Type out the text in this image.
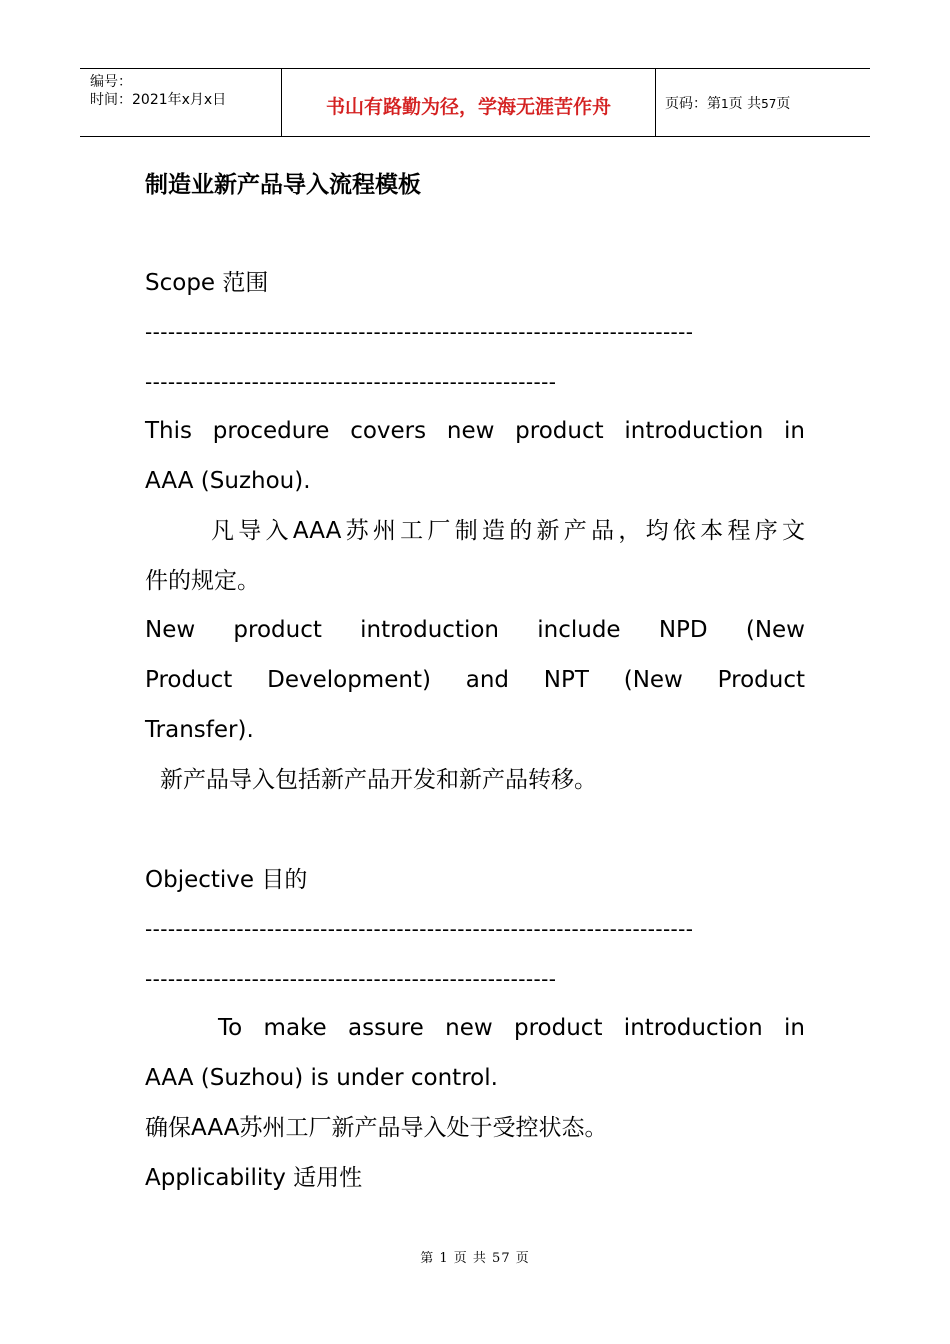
编号：
时间：2021年x月x日	书山有路勤为径，学海无涯苦作舟	页码：第1页 共57页
制造业新产品导入流程模板
Scope 范围
------------------------------------------------------------------------
------------------------------------------------------
This procedure covers new product introduction in
AAA (Suzhou).
凡导入AAA苏州工厂制造的新产品，均依本程序文
件的规定。
New product introduction include NPD (New
Product Development) and NPT (New Product
Transfer).
新产品导入包括新产品开发和新产品转移。
Objective 目的
------------------------------------------------------------------------
------------------------------------------------------
To make assure new product introduction in
AAA (Suzhou) is under control.
确保AAA苏州工厂新产品导入处于受控状态。
Applicability 适用性
第 1 页 共 57 页
